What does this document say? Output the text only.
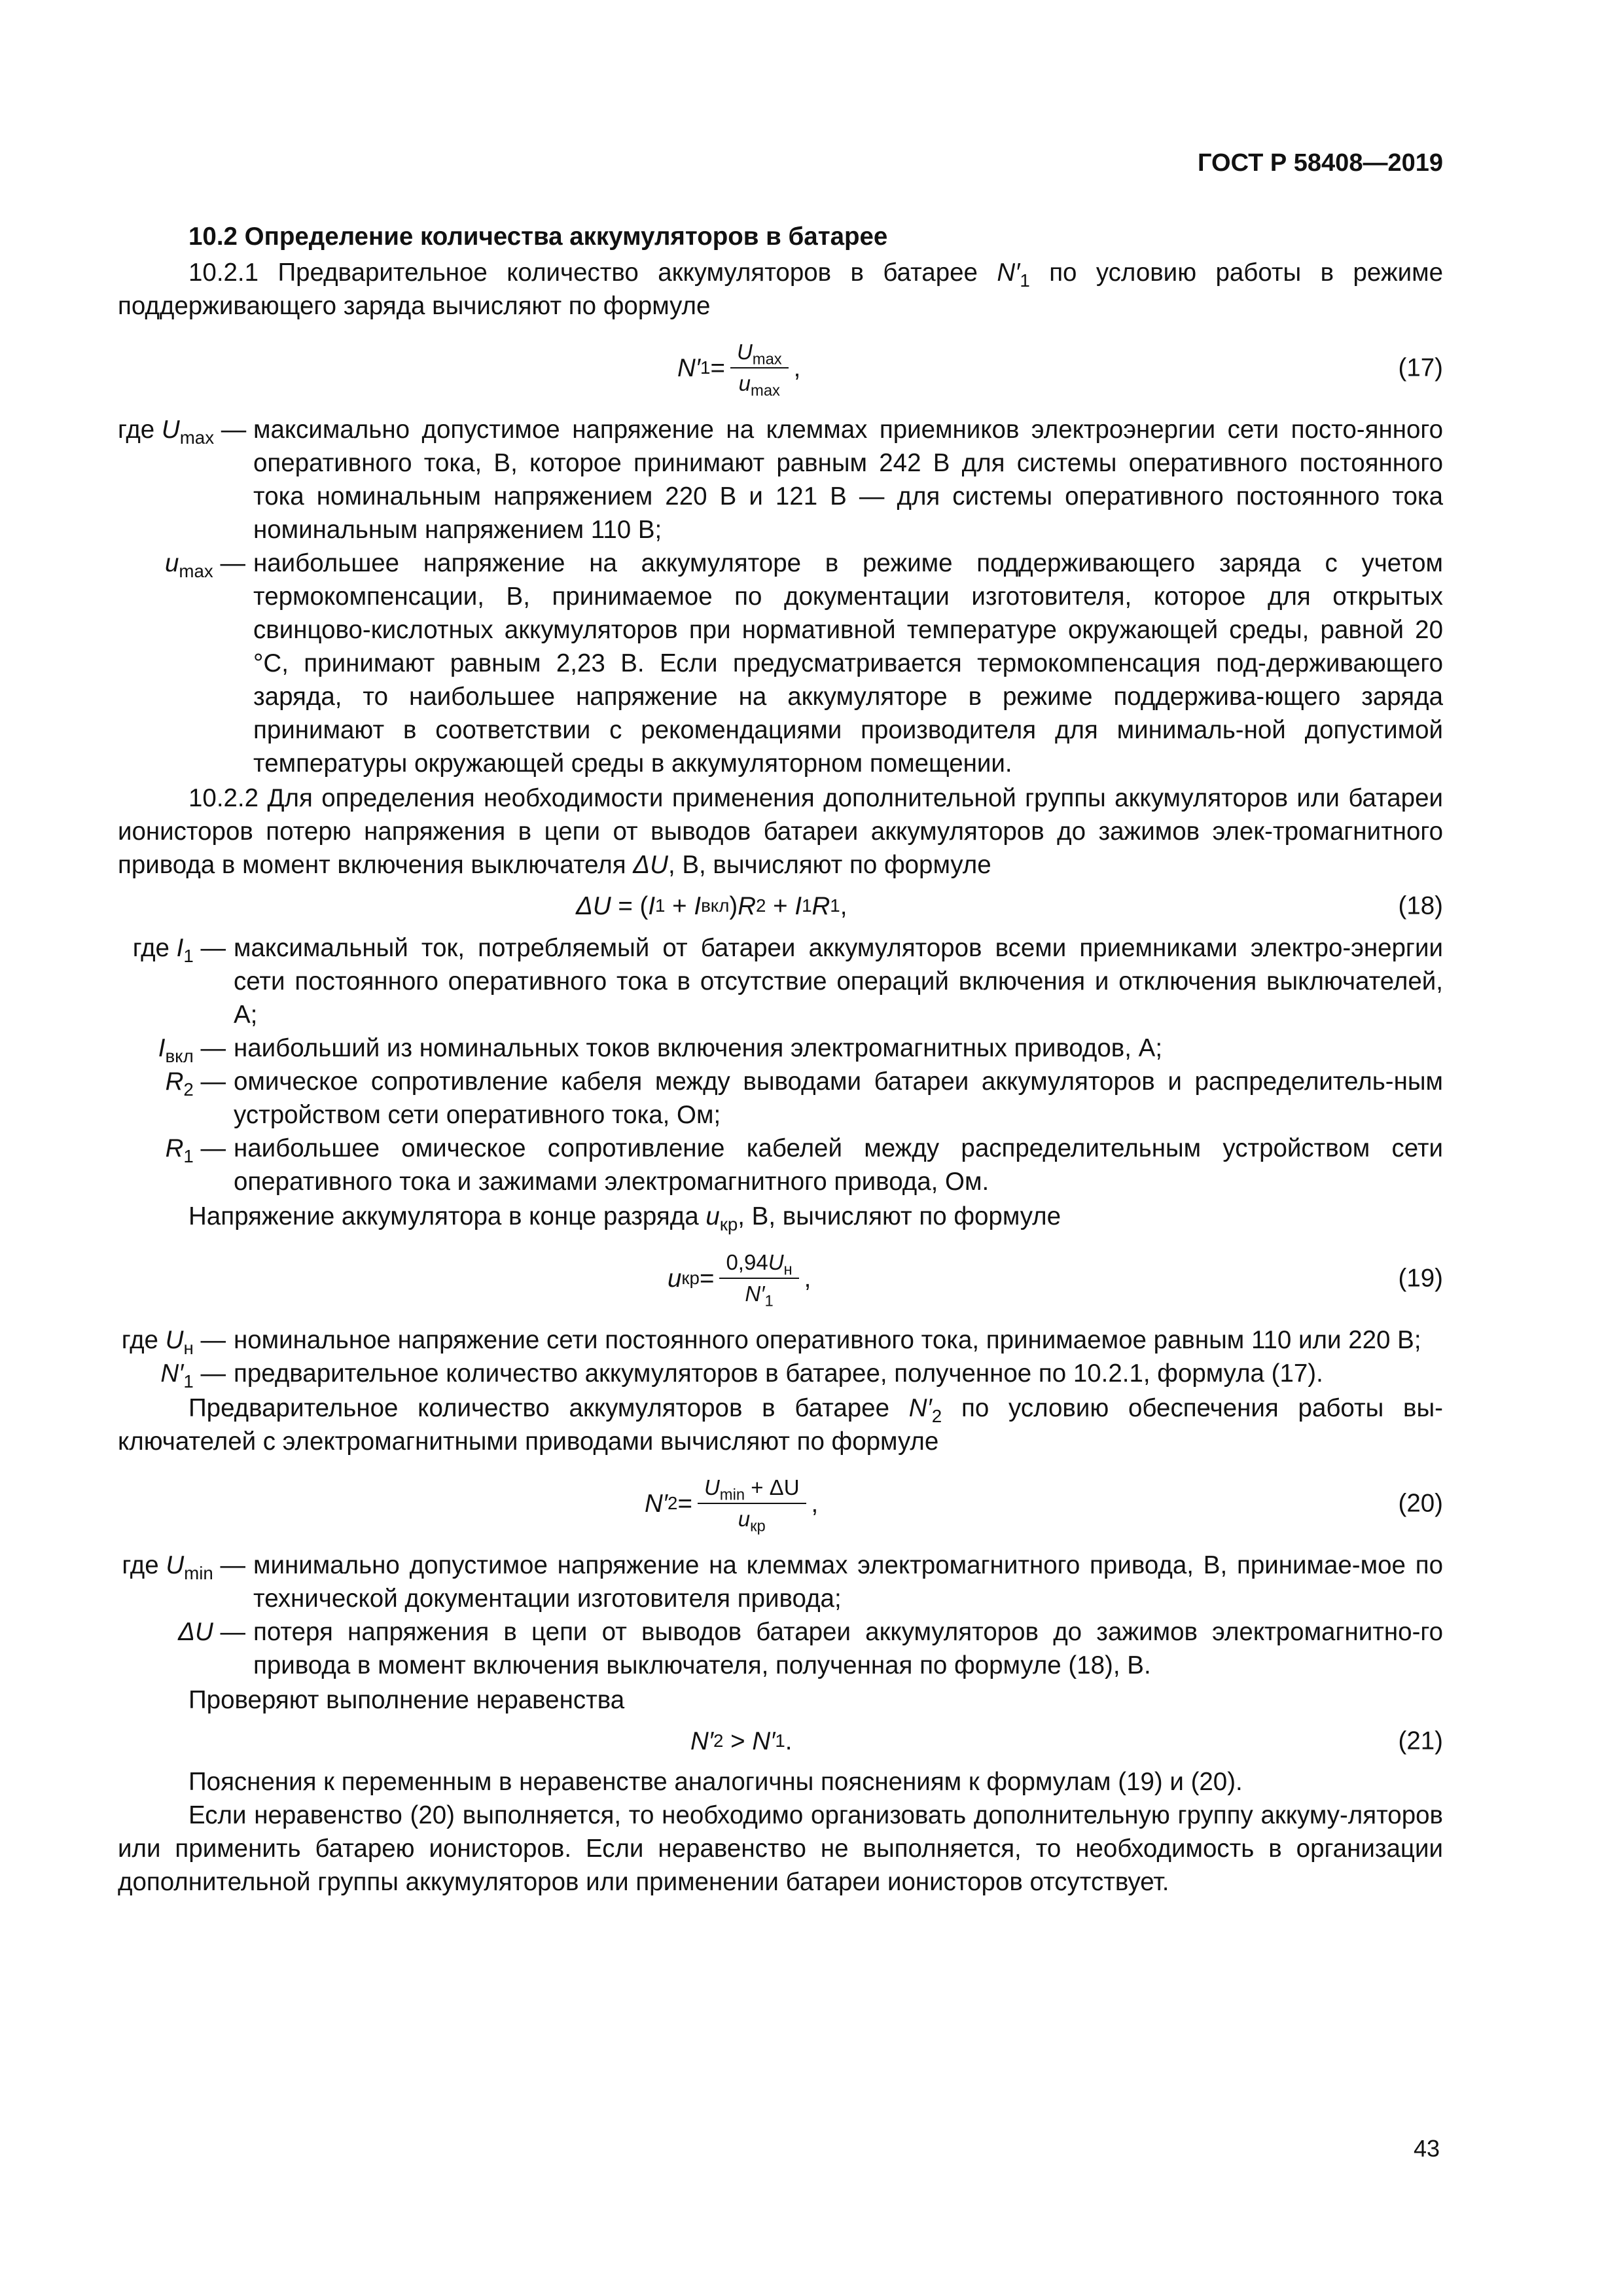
ГОСТ Р 58408—2019

10.2 Определение количества аккумуляторов в батарее

10.2.1 Предварительное количество аккумуляторов в батарее $N'_1$ по условию работы в режиме поддерживающего заряда вычисляют по формуле

N′ $1 = \frac{U_{max}}{u_{max}}$ ,	(17)
где $U_{max}$ — максимально допустимое напряжение на клеммах приемников электроэнергии сети посто-янного оперативного тока, В, которое принимают равным 242 В для системы оперативного постоянного тока номинальным напряжением 220 В и 121 В — для системы оперативного постоянного тока номинальным напряжением 110 В;
$u_{max}$ — наибольшее напряжение на аккумуляторе в режиме поддерживающего заряда с учетом термокомпенсации, В, принимаемое по документации изготовителя, которое для открытых свинцово-кислотных аккумуляторов при нормативной температуре окружающей среды, равной 20 °С, принимают равным 2,23 В. Если предусматривается термокомпенсация под-держивающего заряда, то наибольшее напряжение на аккумуляторе в режиме поддержива-ющего заряда принимают в соответствии с рекомендациями производителя для минималь-ной допустимой температуры окружающей среды в аккумуляторном помещении.

10.2.2 Для определения необходимости применения дополнительной группы аккумуляторов или батареи ионисторов потерю напряжения в цепи от выводов батареи аккумуляторов до зажимов элек-тромагнитного привода в момент включения выключателя ΔU, В, вычисляют по формуле

ΔU = ( I 1 + I вкл ) R 2 + I 1 R 1 ,	(18)
где $I_1$ — максимальный ток, потребляемый от батареи аккумуляторов всеми приемниками электро-энергии сети постоянного оперативного тока в отсутствие операций включения и отключения выключателей, А;
$I_{вкл}$ — наибольший из номинальных токов включения электромагнитных приводов, А;
$R_2$ — омическое сопротивление кабеля между выводами батареи аккумуляторов и распределитель-ным устройством сети оперативного тока, Ом;
$R_1$ — наибольшее омическое сопротивление кабелей между распределительным устройством сети оперативного тока и зажимами электромагнитного привода, Ом.

Напряжение аккумулятора в конце разряда $u_{кр}$, В, вычисляют по формуле

u кр = $\frac{0,94U_н}{N'_1}$ ,	(19)
где $U_н$ — номинальное напряжение сети постоянного оперативного тока, принимаемое равным 110 или 220 В;
$N'_1$ — предварительное количество аккумуляторов в батарее, полученное по 10.2.1, формула (17).

Предварительное количество аккумуляторов в батарее $N'_2$ по условию обеспечения работы вы-ключателей с электромагнитными приводами вычисляют по формуле

N′ $2 = \frac{U_{min} + \Delta U}{u_{кр}}$ ,	(20)
где $U_{min}$ — минимально допустимое напряжение на клеммах электромагнитного привода, В, принимае-мое по технической документации изготовителя привода;
ΔU — потеря напряжения в цепи от выводов батареи аккумуляторов до зажимов электромагнитно-го привода в момент включения выключателя, полученная по формуле (18), В.

Проверяют выполнение неравенства

N′ 2 > N′ 1 .	(21)

Пояснения к переменным в неравенстве аналогичны пояснениям к формулам (19) и (20).

Если неравенство (20) выполняется, то необходимо организовать дополнительную группу аккуму-ляторов или применить батарею ионисторов. Если неравенство не выполняется, то необходимость в организации дополнительной группы аккумуляторов или применении батареи ионисторов отсутствует.

43
